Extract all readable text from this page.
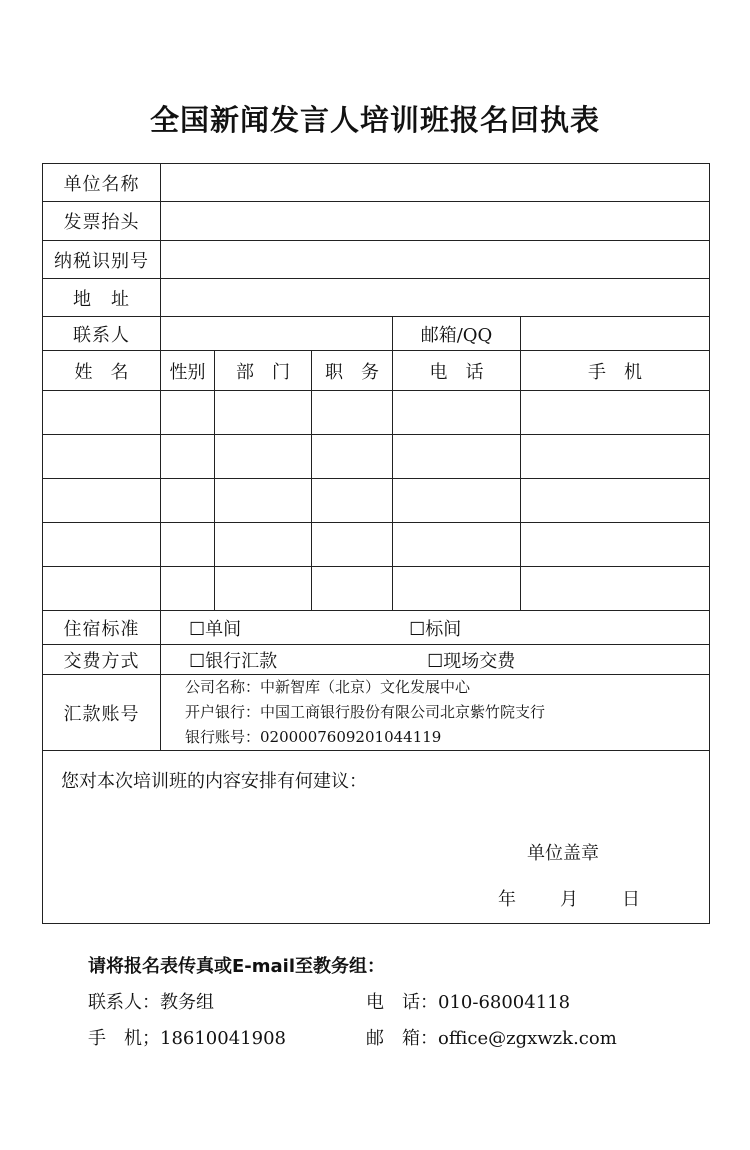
全国新闻发言人培训班报名回执表
单位名称					
发票抬头					
纳税识别号					
地　址					
联系人				邮箱/QQ	
姓　名	性别	部　门	职　务	电　话	手　机

住宿标准	☐单间 ☐标间				
交费方式	☐银行汇款 ☐现场交费				
汇款账号	公司名称：中新智库（北京）文化发展中心
开户银行：中国工商银行股份有限公司北京紫竹院支行
银行账号：0200007609201044119				

您对本次培训班的内容安排有何建议：
单位盖章
年 月 日					
请将报名表传真或E-mail至教务组：
联系人：教务组	电　话：010-68004118
手　机；18610041908	邮　箱：office@zgxwzk.com
